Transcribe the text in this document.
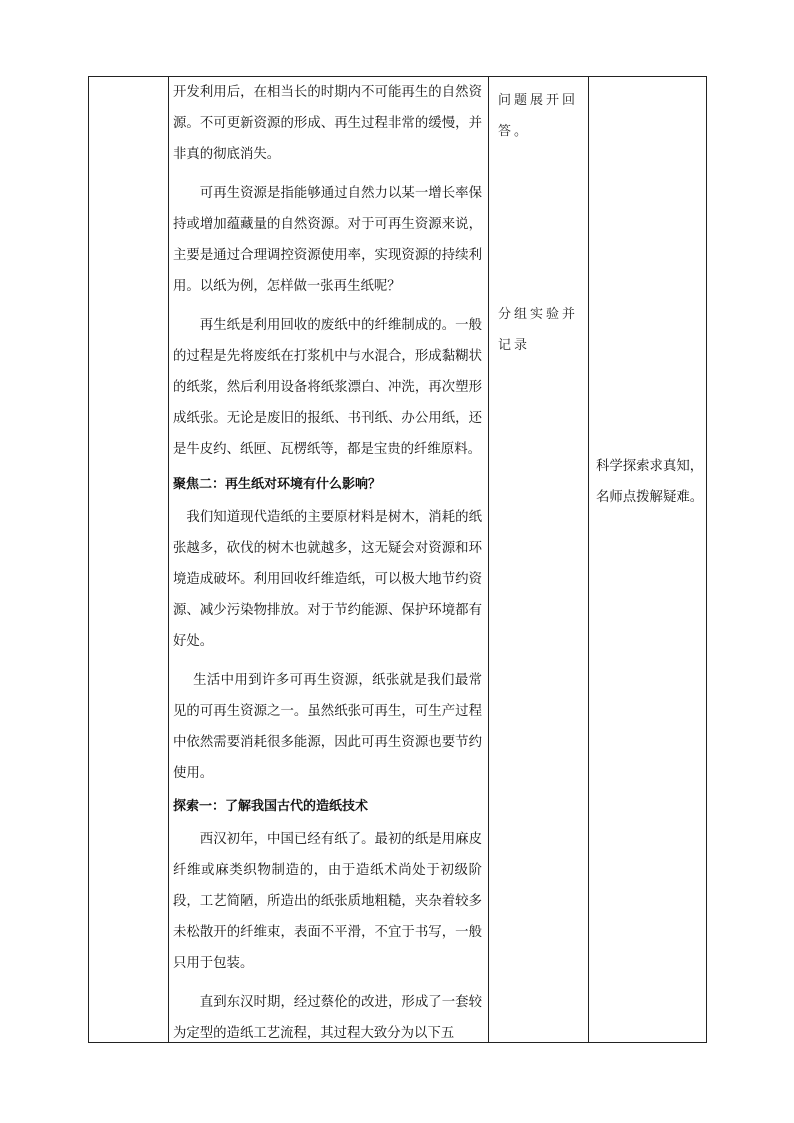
开发利用后，在相当长的时期内不可能再生的自然资源。不可更新资源的形成、再生过程非常的缓慢，并非真的彻底消失。

可再生资源是指能够通过自然力以某一增长率保持或增加蕴藏量的自然资源。对于可再生资源来说，主要是通过合理调控资源使用率，实现资源的持续利用。以纸为例，怎样做一张再生纸呢？

再生纸是利用回收的废纸中的纤维制成的。一般的过程是先将废纸在打浆机中与水混合，形成黏糊状的纸浆，然后利用设备将纸浆漂白、冲洗，再次塑形成纸张。无论是废旧的报纸、书刊纸、办公用纸，还是牛皮约、纸匣、瓦楞纸等，都是宝贵的纤维原料。

聚焦二：再生纸对环境有什么影响？

我们知道现代造纸的主要原材料是树木，消耗的纸张越多，砍伐的树木也就越多，这无疑会对资源和环境造成破坏。利用回收纤维造纸，可以极大地节约资源、减少污染物排放。对于节约能源、保护环境都有好处。

生活中用到许多可再生资源，纸张就是我们最常见的可再生资源之一。虽然纸张可再生，可生产过程中依然需要消耗很多能源，因此可再生资源也要节约使用。

探索一：了解我国古代的造纸技术

西汉初年，中国已经有纸了。最初的纸是用麻皮纤维或麻类织物制造的，由于造纸术尚处于初级阶段，工艺简陋，所造出的纸张质地粗糙，夹杂着较多未松散开的纤维束，表面不平滑，不宜于书写，一般只用于包装。

直到东汉时期，经过蔡伦的改进，形成了一套较为定型的造纸工艺流程，其过程大致分为以下五

问题展开回答。

分组实验并记录

科学探索求真知，名师点拨解疑难。
